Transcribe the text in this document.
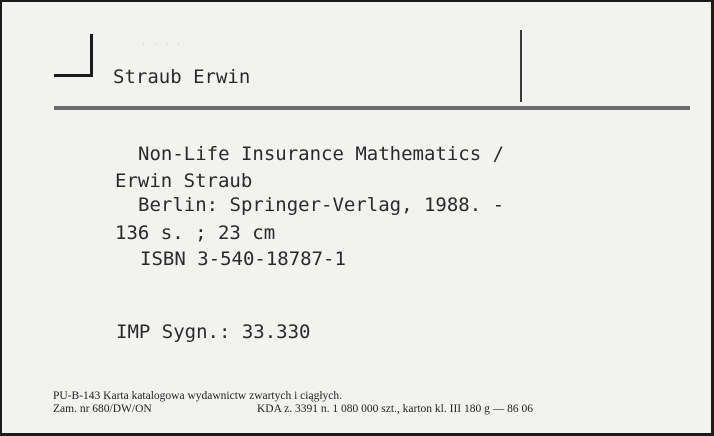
· · · ·
Straub Erwin
Non-Life Insurance Mathematics /
Erwin Straub
Berlin: Springer-Verlag, 1988. -
136 s. ; 23 cm
ISBN 3-540-18787-1
IMP Sygn.: 33.330
PU-B-143 Karta katalogowa wydawnictw zwartych i ciągłych.
Zam. nr 680/DW/ON	KDA z. 3391 n. 1 080 000 szt., karton kl. III 180 g — 86 06
